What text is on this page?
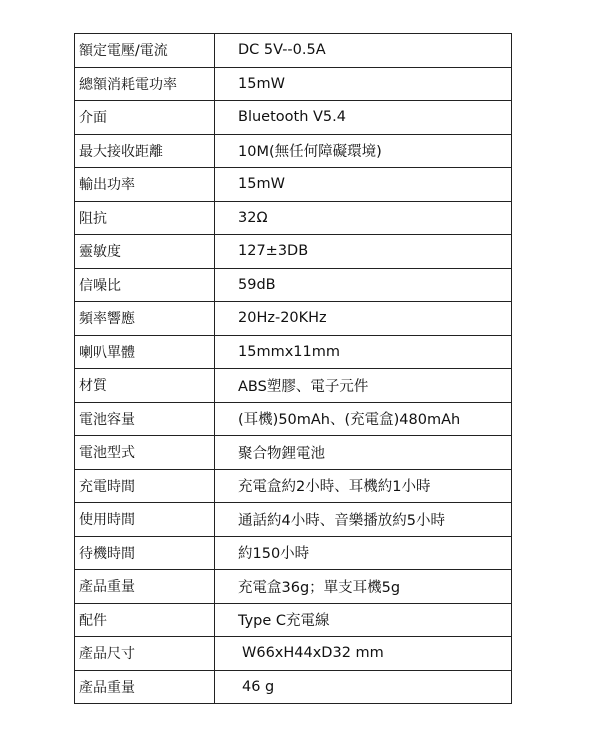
額定電壓/電流	DC 5V--0.5A
總額消耗電功率	15mW
介面	Bluetooth V5.4
最大接收距離	10M(無任何障礙環境)
輸出功率	15mW
阻抗	32Ω
靈敏度	127±3DB
信噪比	59dB
頻率響應	20Hz-20KHz
喇叭單體	15mmx11mm
材質	ABS塑膠、電子元件
電池容量	(耳機)50mAh、(充電盒)480mAh
電池型式	聚合物鋰電池
充電時間	充電盒約2小時、耳機約1小時
使用時間	通話約4小時、音樂播放約5小時
待機時間	約150小時
產品重量	充電盒36g；單支耳機5g
配件	Type C充電線
產品尺寸	W66xH44xD32 mm
產品重量	46 g
